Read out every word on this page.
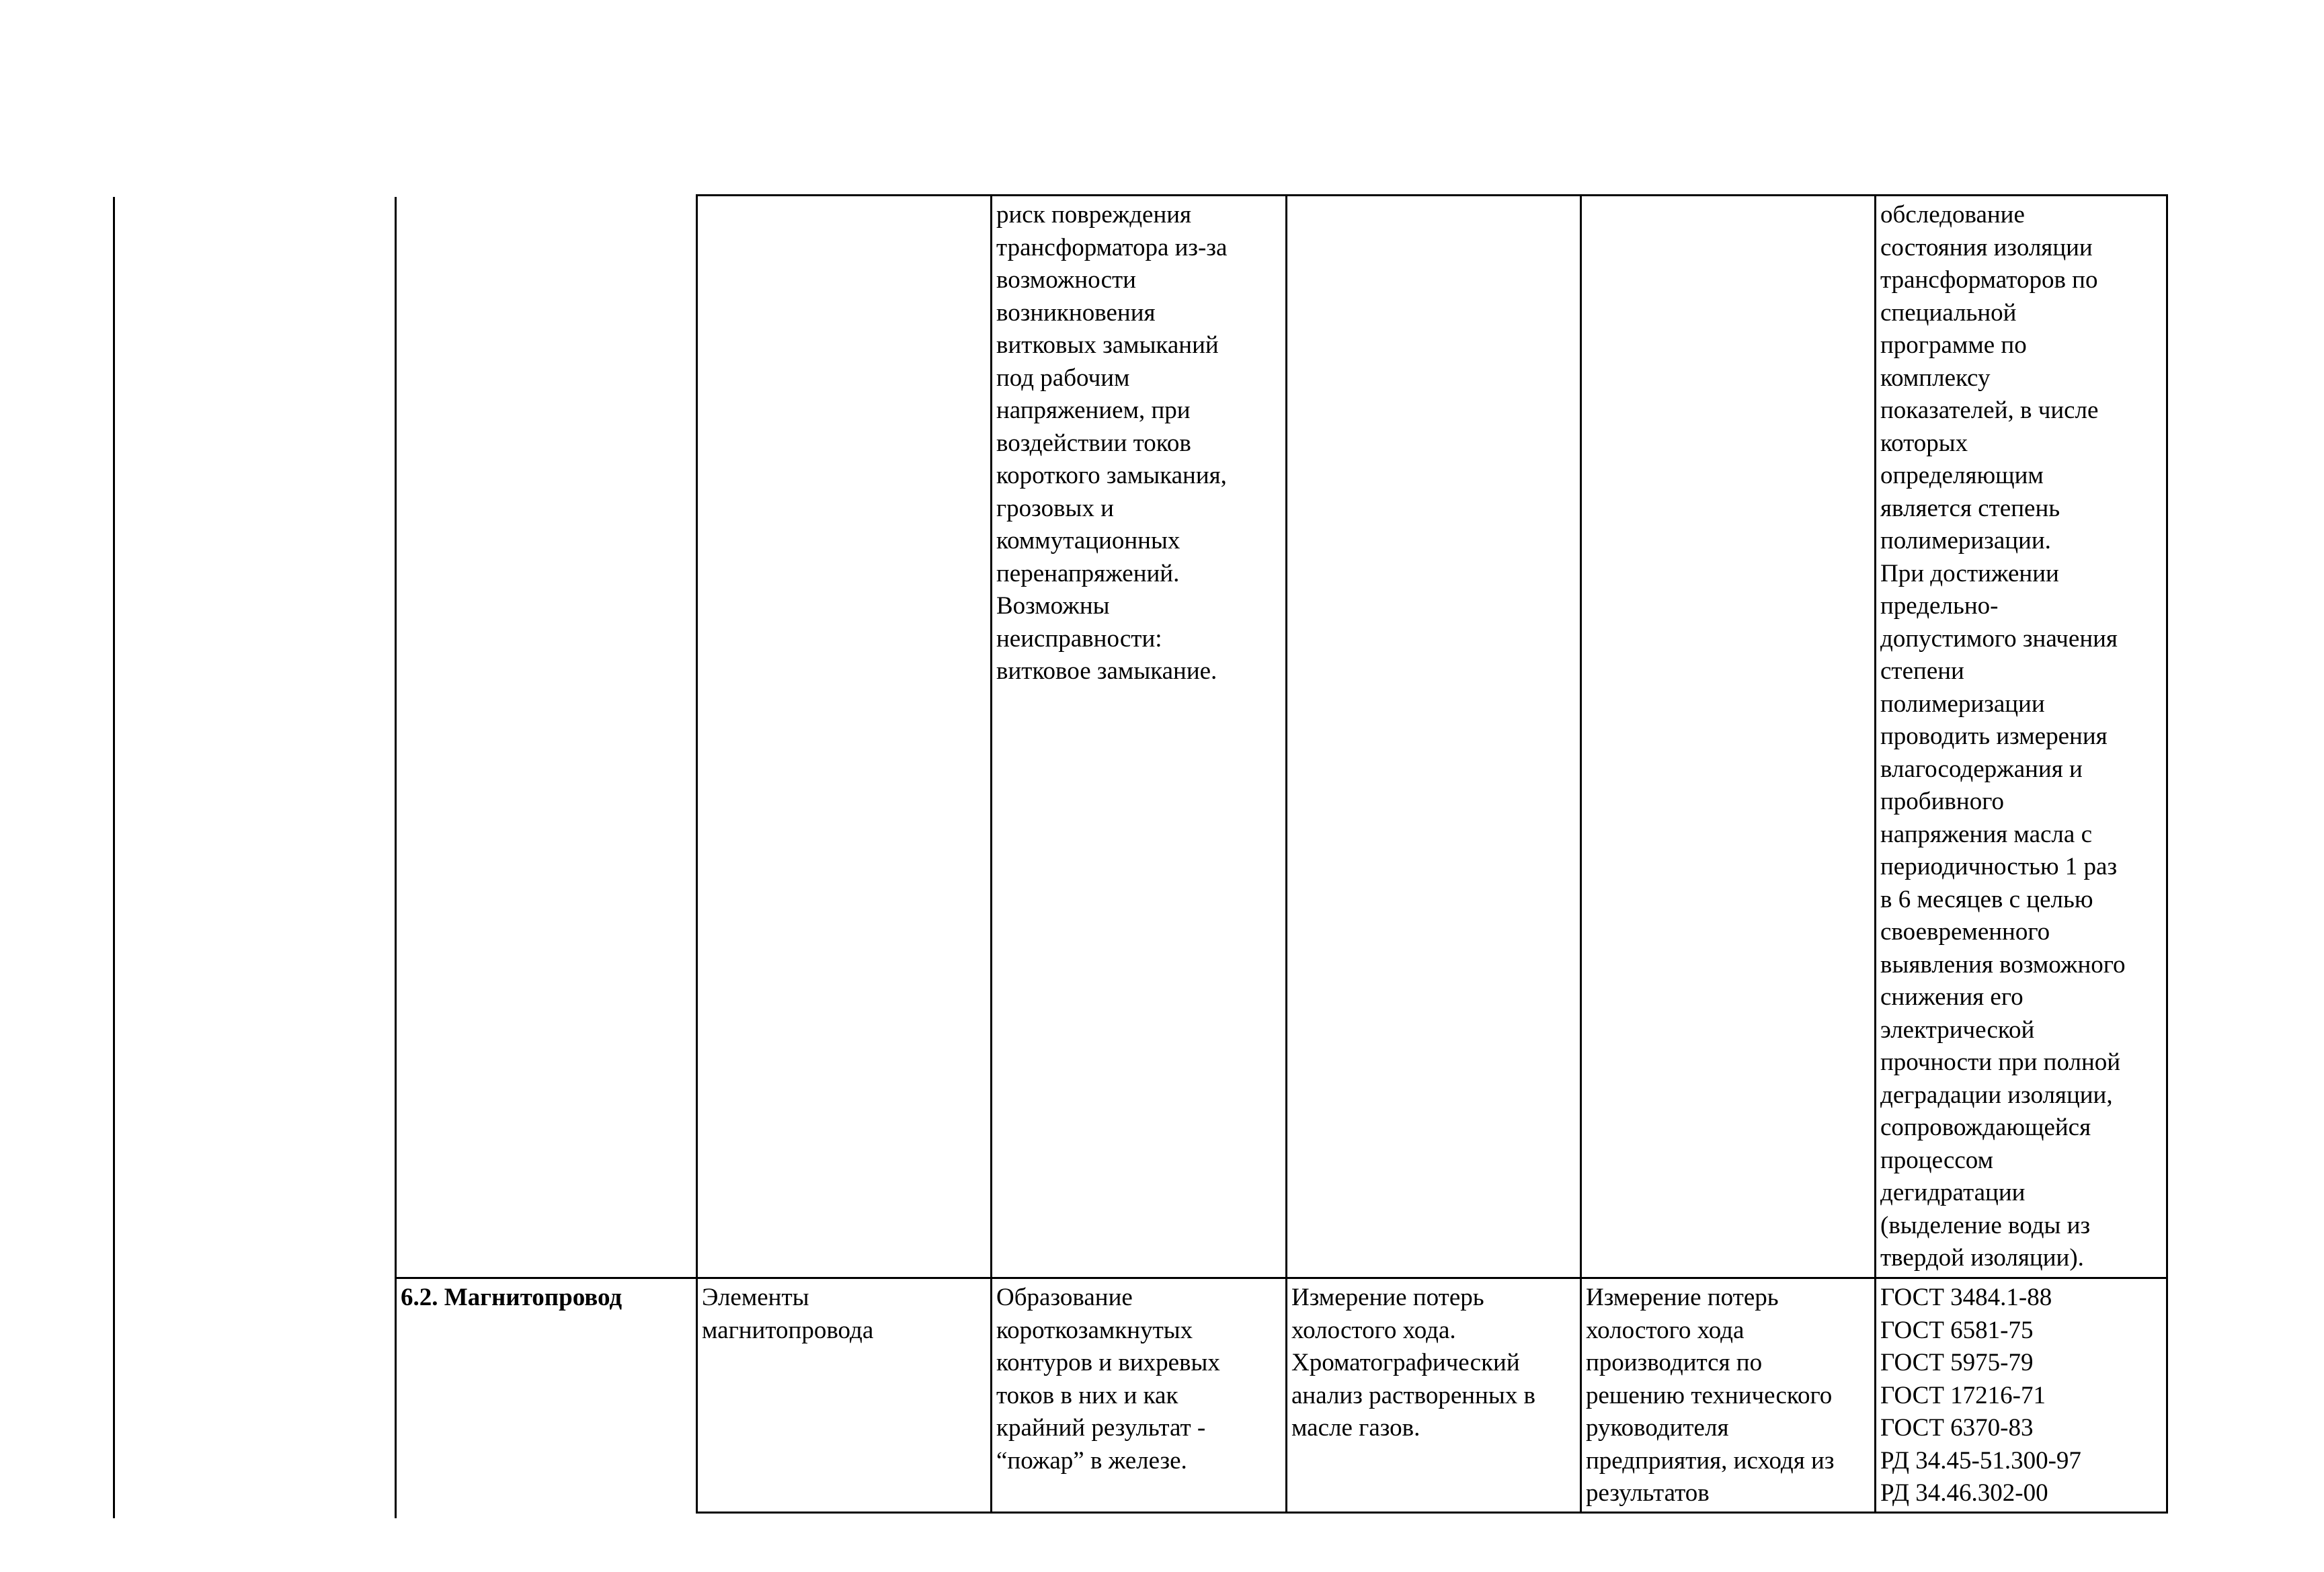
риск повреждения
трансформатора из-за
возможности
возникновения
витковых замыканий
под рабочим
напряжением, при
воздействии токов
короткого замыкания,
грозовых и
коммутационных
перенапряжений.
Возможны
неисправности:
витковое замыкание.
обследование
состояния изоляции
трансформаторов по
специальной
программе по
комплексу
показателей, в числе
которых
определяющим
является степень
полимеризации.
При достижении
предельно-
допустимого значения
степени
полимеризации
проводить измерения
влагосодержания и
пробивного
напряжения масла с
периодичностью 1 раз
в 6 месяцев с целью
своевременного
выявления возможного
снижения его
электрической
прочности при полной
деградации изоляции,
сопровождающейся
процессом
дегидратации
(выделение воды из
твердой изоляции).
6.2. Магнитопровод	Элементы
магнитопровода
Образование
короткозамкнутых
контуров и вихревых
токов в них и как
крайний результат -
“пожар” в железе.
Измерение потерь
холостого хода.
Хроматографический
анализ растворенных в
масле газов.
Измерение потерь
холостого хода
производится по
решению технического
руководителя
предприятия, исходя из
результатов
ГОСТ 3484.1-88
ГОСТ 6581-75
ГОСТ 5975-79
ГОСТ 17216-71
ГОСТ 6370-83
РД 34.45-51.300-97
РД 34.46.302-00
